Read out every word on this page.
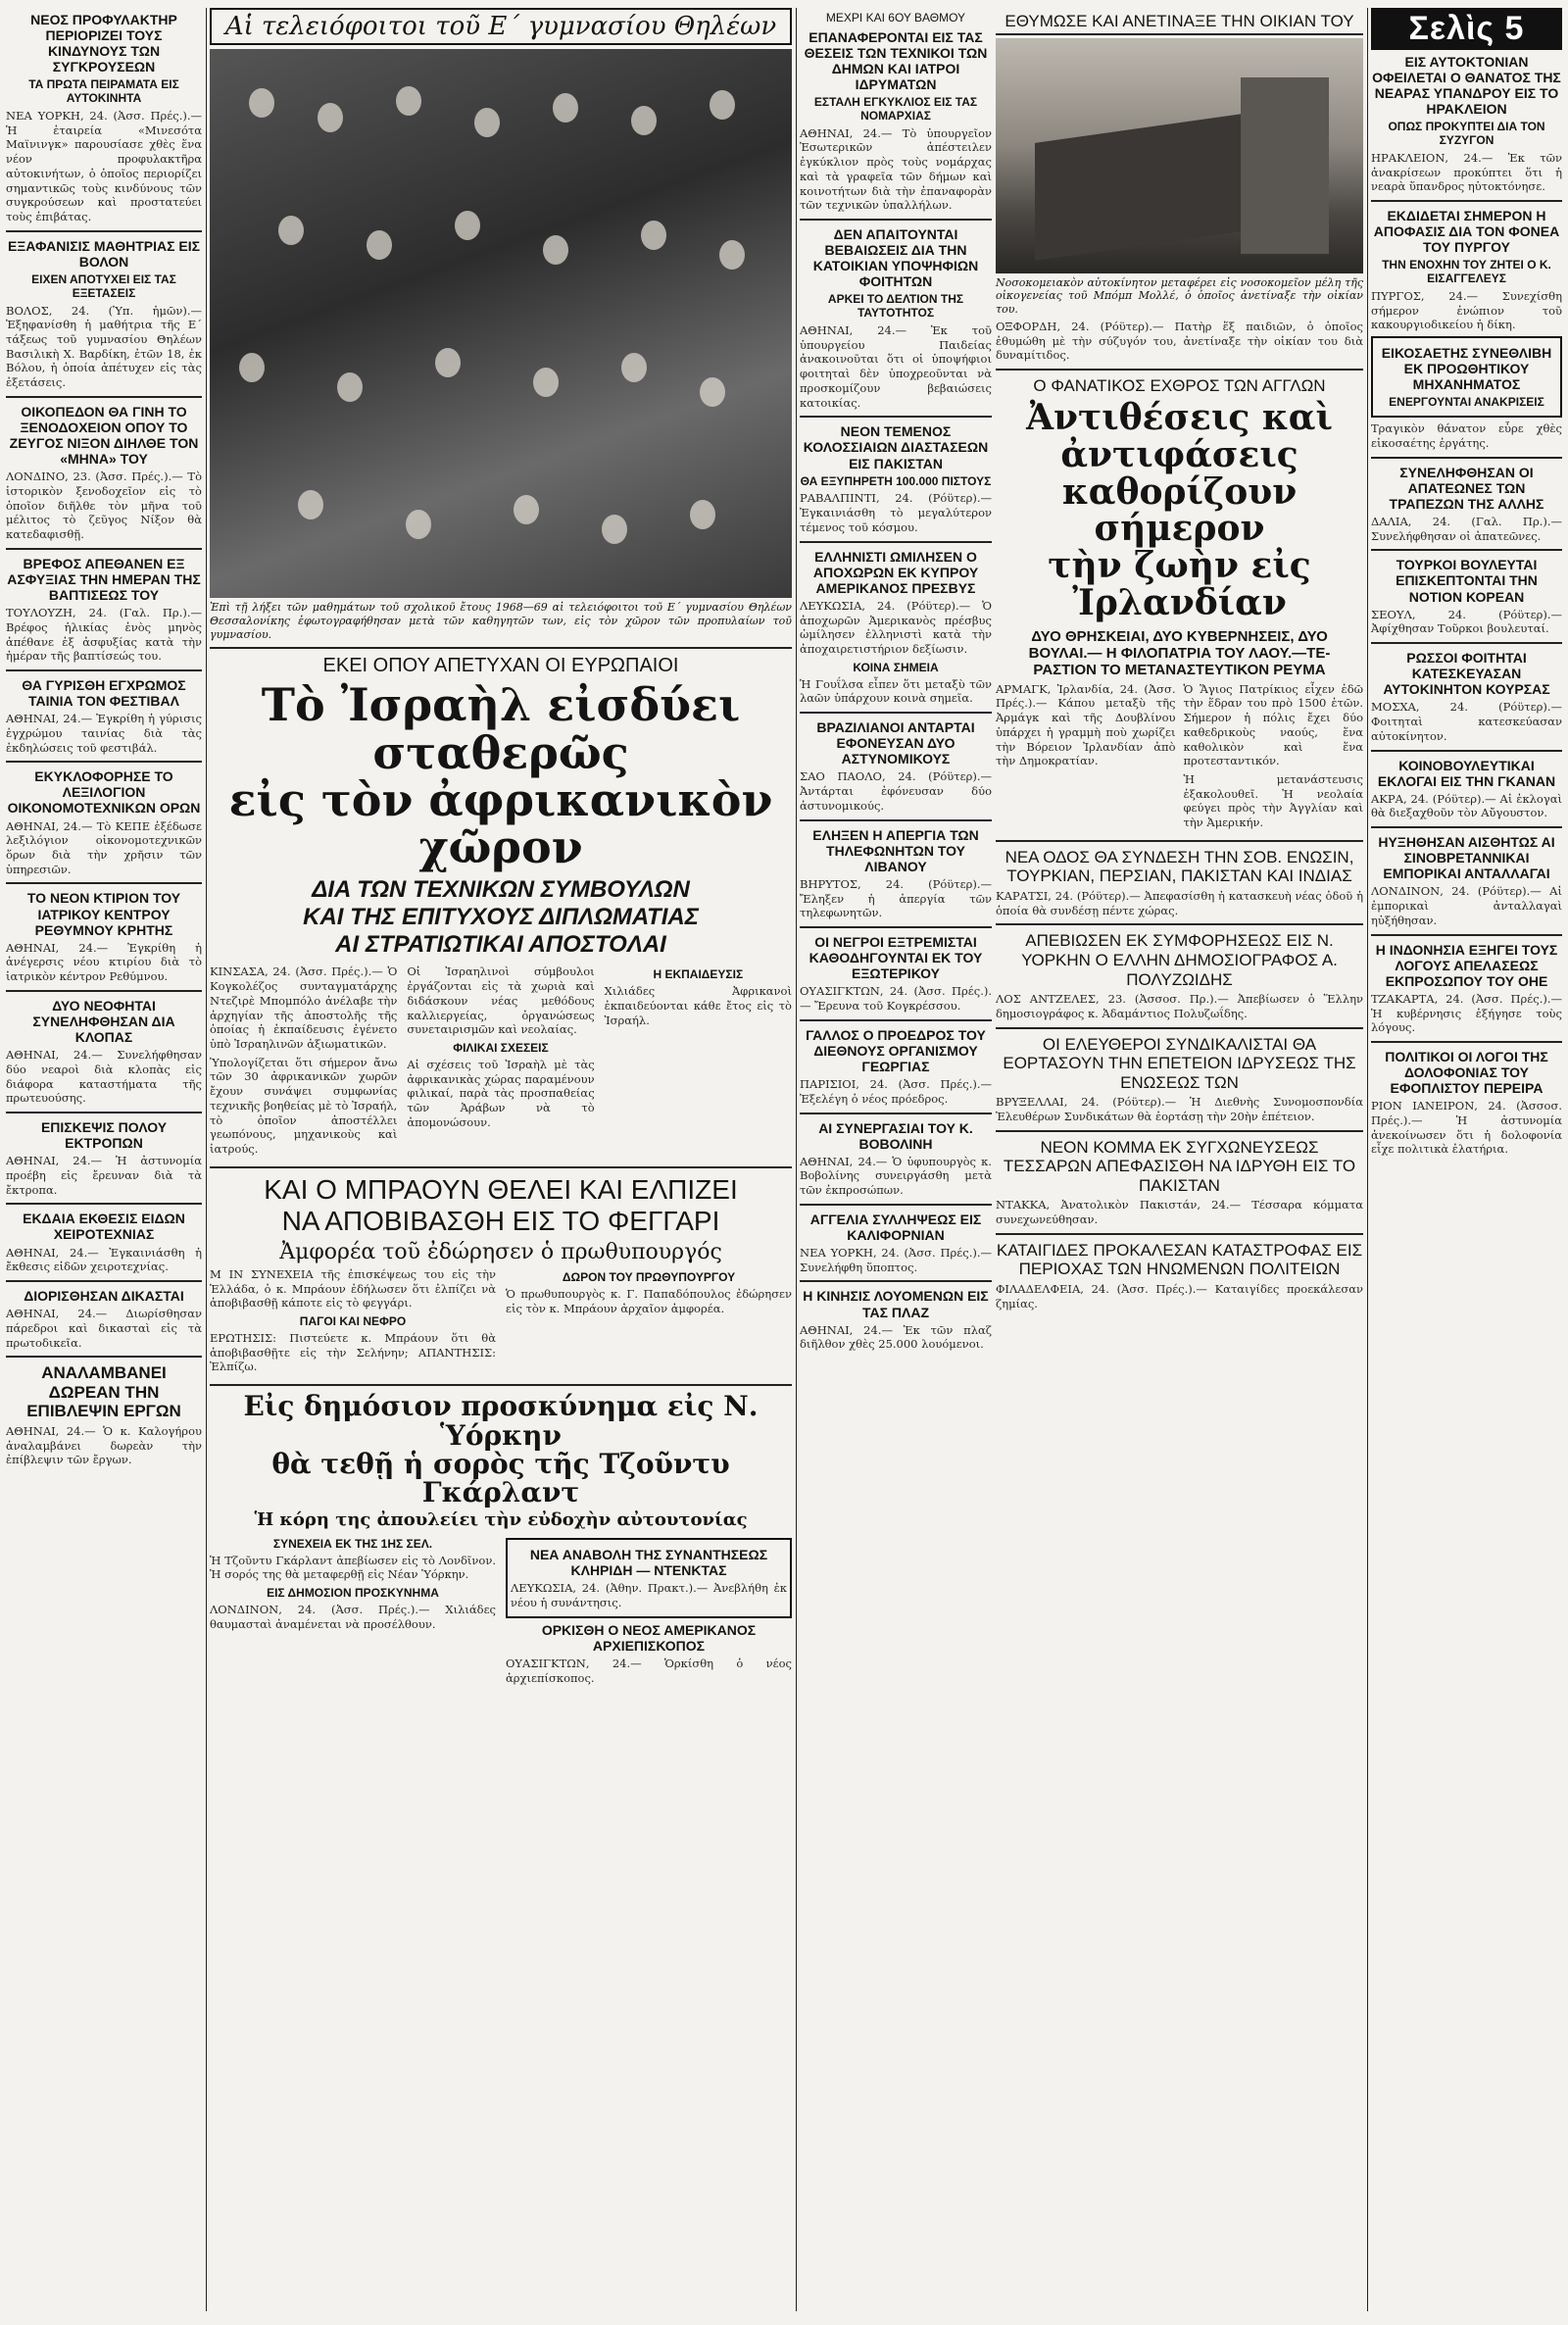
ΝΕΟΣ ΠΡΟΦΥΛΑΚΤΗΡ ΠΕΡΙΟΡΙΖΕΙ ΤΟΥΣ ΚΙΝΔΥΝΟΥΣ ΤΩΝ ΣΥΓΚΡΟΥΣΕΩΝ
ΤΑ ΠΡΩΤΑ ΠΕΙΡΑΜΑΤΑ ΕΙΣ ΑΥΤΟΚΙΝΗΤΑ

ΝΕΑ ΥΟΡΚΗ, 24. (Ἀσσ. Πρές.).— Ἡ ἑταιρεία «Μινεσότα Μαϊνινγκ» παρουσίασε χθὲς ἕνα νέον προφυλακτῆρα αὐτοκινήτων, ὁ ὁποῖος περιορίζει σημαντικῶς τοὺς κινδύνους τῶν συγκρούσεων καὶ προστατεύει τοὺς ἐπιβάτας.

ΕΞΑΦΑΝΙΣΙΣ ΜΑΘΗΤΡΙΑΣ ΕΙΣ ΒΟΛΟΝ
ΕΙΧΕΝ ΑΠΟΤΥΧΕΙ ΕΙΣ ΤΑΣ ΕΞΕΤΑΣΕΙΣ

ΒΟΛΟΣ, 24. (Ὑπ. ἡμῶν).— Ἐξηφανίσθη ἡ μαθήτρια τῆς Ε΄ τάξεως τοῦ γυμνασίου Θηλέων Βασιλικὴ Χ. Βαρδίκη, ἐτῶν 18, ἐκ Βόλου, ἡ ὁποία ἀπέτυχεν εἰς τὰς ἐξετάσεις.

ΟΙΚΟΠΕΔΟΝ ΘΑ ΓΙΝΗ ΤΟ ΞΕΝΟΔΟΧΕΙΟΝ ΟΠΟΥ ΤΟ ΖΕΥΓΟΣ ΝΙΞΟΝ ΔΙΗΛΘΕ ΤΟΝ «ΜΗΝΑ» ΤΟΥ

ΛΟΝΔΙΝΟ, 23. (Ἀσσ. Πρές.).— Τὸ ἱστορικὸν ξενοδοχεῖον εἰς τὸ ὁποῖον διῆλθε τὸν μῆνα τοῦ μέλιτος τὸ ζεῦγος Νίξον θὰ κατεδαφισθῇ.

ΒΡΕΦΟΣ ΑΠΕΘΑΝΕΝ ΕΞ ΑΣΦΥΞΙΑΣ ΤΗΝ ΗΜΕΡΑΝ ΤΗΣ ΒΑΠΤΙΣΕΩΣ ΤΟΥ

ΤΟΥΛΟΥΖΗ, 24. (Γαλ. Πρ.).— Βρέφος ἡλικίας ἑνὸς μηνὸς ἀπέθανε ἐξ ἀσφυξίας κατὰ τὴν ἡμέραν τῆς βαπτίσεώς του.

ΘΑ ΓΥΡΙΣΘΗ ΕΓΧΡΩΜΟΣ ΤΑΙΝΙΑ ΤΟΝ ΦΕΣΤΙΒΑΛ

ΑΘΗΝΑΙ, 24.— Ἐγκρίθη ἡ γύρισις ἐγχρώμου ταινίας διὰ τὰς ἐκδηλώσεις τοῦ φεστιβάλ.

ΕΚΥΚΛΟΦΟΡΗΣΕ ΤΟ ΛΕΞΙΛΟΓΙΟΝ ΟΙΚΟΝΟΜΟΤΕΧΝΙΚΩΝ ΟΡΩΝ

ΑΘΗΝΑΙ, 24.— Τὸ ΚΕΠΕ ἐξέδωσε λεξιλόγιον οἰκονομοτεχνικῶν ὅρων διὰ τὴν χρῆσιν τῶν ὑπηρεσιῶν.

ΤΟ ΝΕΟΝ ΚΤΙΡΙΟΝ ΤΟΥ ΙΑΤΡΙΚΟΥ ΚΕΝΤΡΟΥ ΡΕΘΥΜΝΟΥ ΚΡΗΤΗΣ

ΑΘΗΝΑΙ, 24.— Ἐγκρίθη ἡ ἀνέγερσις νέου κτιρίου διὰ τὸ ἰατρικὸν κέντρον Ρεθύμνου.

ΔΥΟ ΝΕΟΦΗΤΑΙ ΣΥΝΕΛΗΦΘΗΣΑΝ ΔΙΑ ΚΛΟΠΑΣ

ΑΘΗΝΑΙ, 24.— Συνελήφθησαν δύο νεαροὶ διὰ κλοπὰς εἰς διάφορα καταστήματα τῆς πρωτευούσης.

ΕΠΙΣΚΕΨΙΣ ΠΟΛΟΥ ΕΚΤΡΟΠΩΝ

ΑΘΗΝΑΙ, 24.— Ἡ ἀστυνομία προέβη εἰς ἔρευναν διὰ τὰ ἔκτροπα.

ΕΚΔΑΙΑ ΕΚΘΕΣΙΣ ΕΙΔΩΝ ΧΕΙΡΟΤΕΧΝΙΑΣ

ΑΘΗΝΑΙ, 24.— Ἐγκαινιάσθη ἡ ἔκθεσις εἰδῶν χειροτεχνίας.

ΔΙΟΡΙΣΘΗΣΑΝ ΔΙΚΑΣΤΑΙ

ΑΘΗΝΑΙ, 24.— Διωρίσθησαν πάρεδροι καὶ δικασταὶ εἰς τὰ πρωτοδικεῖα.

ΑΝΑΛΑΜΒΑΝΕΙ ΔΩΡΕΑΝ ΤΗΝ ΕΠΙΒΛΕΨΙΝ ΕΡΓΩΝ

ΑΘΗΝΑΙ, 24.— Ὁ κ. Καλογήρου ἀναλαμβάνει δωρεὰν τὴν ἐπίβλεψιν τῶν ἔργων.

Αἱ τελειόφοιτοι τοῦ Ε΄ γυμνασίου Θηλέων

Ἐπὶ τῇ λήξει τῶν μαθημάτων τοῦ σχολικοῦ ἔτους 1968—69 αἱ τελειόφοιτοι τοῦ Ε΄ γυμνασίου Θηλέων Θεσσαλονίκης ἐφωτογραφήθησαν μετὰ τῶν καθηγητῶν των, εἰς τὸν χῶρον τῶν προπυλαίων τοῦ γυμνασίου.

ΕΚΕΙ ΟΠΟΥ ΑΠΕΤΥΧΑΝ ΟΙ ΕΥΡΩΠΑΙΟΙ
Τὸ Ἰσραὴλ εἰσδύει σταθερῶς
εἰς τὸν ἀφρικανικὸν χῶρον
ΔΙΑ ΤΩΝ ΤΕΧΝΙΚΩΝ ΣΥΜΒΟΥΛΩΝ
ΚΑΙ ΤΗΣ ΕΠΙΤΥΧΟΥΣ ΔΙΠΛΩΜΑΤΙΑΣ
ΑΙ ΣΤΡΑΤΙΩΤΙΚΑΙ ΑΠΟΣΤΟΛΑΙ

ΚΙΝΣΑΣΑ, 24. (Ἀσσ. Πρές.).— Ὁ Κογκολέζος συνταγματάρχης Ντεζιρὲ Μπομπόλο ἀνέλαβε τὴν ἀρχηγίαν τῆς ἀποστολῆς τῆς ὁποίας ἡ ἐκπαίδευσις ἐγένετο ὑπὸ Ἰσραηλινῶν ἀξιωματικῶν.

Ὑπολογίζεται ὅτι σήμερον ἄνω τῶν 30 ἀφρικανικῶν χωρῶν ἔχουν συνάψει συμφωνίας τεχνικῆς βοηθείας μὲ τὸ Ἰσραήλ, τὸ ὁποῖον ἀποστέλλει γεωπόνους, μηχανικοὺς καὶ ἰατρούς.

Οἱ Ἰσραηλινοὶ σύμβουλοι ἐργάζονται εἰς τὰ χωριὰ καὶ διδάσκουν νέας μεθόδους καλλιεργείας, ὀργανώσεως συνεταιρισμῶν καὶ νεολαίας.

ΦΙΛΙΚΑΙ ΣΧΕΣΕΙΣ

Αἱ σχέσεις τοῦ Ἰσραὴλ μὲ τὰς ἀφρικανικὰς χώρας παραμένουν φιλικαί, παρὰ τὰς προσπαθείας τῶν Ἀράβων νὰ τὸ ἀπομονώσουν.

Η ΕΚΠΑΙΔΕΥΣΙΣ

Χιλιάδες Ἀφρικανοὶ ἐκπαιδεύονται κάθε ἔτος εἰς τὸ Ἰσραήλ.

ΚΑΙ Ο ΜΠΡΑΟΥΝ ΘΕΛΕΙ ΚΑΙ ΕΛΠΙΖΕΙ
ΝΑ ΑΠΟΒΙΒΑΣΘΗ ΕΙΣ ΤΟ ΦΕΓΓΑΡΙ
Ἀμφορέα τοῦ ἐδώρησεν ὁ πρωθυπουργός

Μ ΙΝ ΣΥΝΕΧΕΙΑ τῆς ἐπισκέψεως του εἰς τὴν Ἑλλάδα, ὁ κ. Μπράουν ἐδήλωσεν ὅτι ἐλπίζει νὰ ἀποβιβασθῇ κάποτε εἰς τὸ φεγγάρι.

ΠΑΓΟΙ ΚΑΙ ΝΕΦΡΟ

ΕΡΩΤΗΣΙΣ: Πιστεύετε κ. Μπράουν ὅτι θὰ ἀποβιβασθῇτε εἰς τὴν Σελήνην; ΑΠΑΝΤΗΣΙΣ: Ἐλπίζω.

ΔΩΡΟΝ ΤΟΥ ΠΡΩΘΥΠΟΥΡΓΟΥ

Ὁ πρωθυπουργὸς κ. Γ. Παπαδόπουλος ἐδώρησεν εἰς τὸν κ. Μπράουν ἀρχαῖον ἀμφορέα.

Εἰς δημόσιον προσκύνημα εἰς Ν. Ὑόρκην
θὰ τεθῇ ἡ σορὸς τῆς Τζοῦντυ Γκάρλαντ
Ἡ κόρη της ἀπουλείει τὴν εὐδοχὴν αὐτουτονίας
ΣΥΝΕΧΕΙΑ ΕΚ ΤΗΣ 1ΗΣ ΣΕΛ.

Ἡ Τζοῦντυ Γκάρλαντ ἀπεβίωσεν εἰς τὸ Λονδῖνον. Ἡ σορός της θὰ μεταφερθῇ εἰς Νέαν Ὑόρκην.

ΕΙΣ ΔΗΜΟΣΙΟΝ ΠΡΟΣΚΥΝΗΜΑ

ΛΟΝΔΙΝΟΝ, 24. (Ἀσσ. Πρές.).— Χιλιάδες θαυμασταὶ ἀναμένεται νὰ προσέλθουν.

ΝΕΑ ΑΝΑΒΟΛΗ ΤΗΣ ΣΥΝΑΝΤΗΣΕΩΣ ΚΛΗΡΙΔΗ — ΝΤΕΝΚΤΑΣ

ΛΕΥΚΩΣΙΑ, 24. (Ἀθην. Πρακτ.).— Ἀνεβλήθη ἐκ νέου ἡ συνάντησις.

ΟΡΚΙΣΘΗ Ο ΝΕΟΣ ΑΜΕΡΙΚΑΝΟΣ ΑΡΧΙΕΠΙΣΚΟΠΟΣ

ΟΥΑΣΙΓΚΤΩΝ, 24.— Ὁρκίσθη ὁ νέος ἀρχιεπίσκοπος.

ΜΕΧΡΙ ΚΑΙ 6ΟΥ ΒΑΘΜΟΥ
ΕΠΑΝΑΦΕΡΟΝΤΑΙ ΕΙΣ ΤΑΣ ΘΕΣΕΙΣ ΤΩΝ ΤΕΧΝΙΚΟΙ ΤΩΝ ΔΗΜΩΝ ΚΑΙ ΙΑΤΡΟΙ ΙΔΡΥΜΑΤΩΝ
ΕΣΤΑΛΗ ΕΓΚΥΚΛΙΟΣ ΕΙΣ ΤΑΣ ΝΟΜΑΡΧΙΑΣ

ΑΘΗΝΑΙ, 24.— Τὸ ὑπουργεῖον Ἐσωτερικῶν ἀπέστειλεν ἐγκύκλιον πρὸς τοὺς νομάρχας καὶ τὰ γραφεῖα τῶν δήμων καὶ κοινοτήτων διὰ τὴν ἐπαναφορὰν τῶν τεχνικῶν ὑπαλλήλων.

ΔΕΝ ΑΠΑΙΤΟΥΝΤΑΙ ΒΕΒΑΙΩΣΕΙΣ ΔΙΑ ΤΗΝ ΚΑΤΟΙΚΙΑΝ ΥΠΟΨΗΦΙΩΝ ΦΟΙΤΗΤΩΝ
ΑΡΚΕΙ ΤΟ ΔΕΛΤΙΟΝ ΤΗΣ ΤΑΥΤΟΤΗΤΟΣ

ΑΘΗΝΑΙ, 24.— Ἐκ τοῦ ὑπουργείου Παιδείας ἀνακοινοῦται ὅτι οἱ ὑποψήφιοι φοιτηταὶ δὲν ὑποχρεοῦνται νὰ προσκομίζουν βεβαιώσεις κατοικίας.

ΝΕΟΝ ΤΕΜΕΝΟΣ ΚΟΛΟΣΣΙΑΙΩΝ ΔΙΑΣΤΑΣΕΩΝ ΕΙΣ ΠΑΚΙΣΤΑΝ
ΘΑ ΕΞΥΠΗΡΕΤΗ 100.000 ΠΙΣΤΟΥΣ

ΡΑΒΑΛΠΙΝΤΙ, 24. (Ρόϋτερ).— Ἐγκαινιάσθη τὸ μεγαλύτερον τέμενος τοῦ κόσμου.

ΕΛΛΗΝΙΣΤΙ ΩΜΙΛΗΣΕΝ Ο ΑΠΟΧΩΡΩΝ ΕΚ ΚΥΠΡΟΥ ΑΜΕΡΙΚΑΝΟΣ ΠΡΕΣΒΥΣ

ΛΕΥΚΩΣΙΑ, 24. (Ρόϋτερ).— Ὁ ἀποχωρῶν Ἀμερικανὸς πρέσβυς ὡμίλησεν ἑλληνιστὶ κατὰ τὴν ἀποχαιρετιστήριον δεξίωσιν.

ΚΟΙΝΑ ΣΗΜΕΙΑ

Ἡ Γουΐλσα εἶπεν ὅτι μεταξὺ τῶν λαῶν ὑπάρχουν κοινὰ σημεῖα.

ΒΡΑΖΙΛΙΑΝΟΙ ΑΝΤΑΡΤΑΙ ΕΦΟΝΕΥΣΑΝ ΔΥΟ ΑΣΤΥΝΟΜΙΚΟΥΣ

ΣΑΟ ΠΑΟΛΟ, 24. (Ρόϋτερ).— Ἀντάρται ἐφόνευσαν δύο ἀστυνομικούς.

ΕΛΗΞΕΝ Η ΑΠΕΡΓΙΑ ΤΩΝ ΤΗΛΕΦΩΝΗΤΩΝ ΤΟΥ ΛΙΒΑΝΟΥ

ΒΗΡΥΤΟΣ, 24. (Ρόϋτερ).— Ἔληξεν ἡ ἀπεργία τῶν τηλεφωνητῶν.

ΟΙ ΝΕΓΡΟΙ ΕΞΤΡΕΜΙΣΤΑΙ ΚΑΘΟΔΗΓΟΥΝΤΑΙ ΕΚ ΤΟΥ ΕΞΩΤΕΡΙΚΟΥ

ΟΥΑΣΙΓΚΤΩΝ, 24. (Ἀσσ. Πρές.).— Ἔρευνα τοῦ Κογκρέσσου.

ΓΑΛΛΟΣ Ο ΠΡΟΕΔΡΟΣ ΤΟΥ ΔΙΕΘΝΟΥΣ ΟΡΓΑΝΙΣΜΟΥ ΓΕΩΡΓΙΑΣ

ΠΑΡΙΣΙΟΙ, 24. (Ἀσσ. Πρές.).— Ἐξελέγη ὁ νέος πρόεδρος.

ΑΙ ΣΥΝΕΡΓΑΣΙΑΙ ΤΟΥ Κ. ΒΟΒΟΛΙΝΗ

ΑΘΗΝΑΙ, 24.— Ὁ ὑφυπουργὸς κ. Βοβολίνης συνειργάσθη μετὰ τῶν ἐκπροσώπων.

ΑΓΓΕΛΙΑ ΣΥΛΛΗΨΕΩΣ ΕΙΣ ΚΑΛΙΦΟΡΝΙΑΝ

ΝΕΑ ΥΟΡΚΗ, 24. (Ἀσσ. Πρές.).— Συνελήφθη ὕποπτος.

Η ΚΙΝΗΣΙΣ ΛΟΥΟΜΕΝΩΝ ΕΙΣ ΤΑΣ ΠΛΑΖ

ΑΘΗΝΑΙ, 24.— Ἐκ τῶν πλαζ διῆλθον χθὲς 25.000 λουόμενοι.

ΕΘΥΜΩΣΕ ΚΑΙ ΑΝΕΤΙΝΑΞΕ ΤΗΝ ΟΙΚΙΑΝ ΤΟΥ

Νοσοκομειακὸν αὐτοκίνητον μεταφέρει εἰς νοσοκομεῖον μέλη τῆς οἰκογενείας τοῦ Μπόμπ Μολλέ, ὁ ὁποῖος ἀνετίναξε τὴν οἰκίαν του.

ΟΞΦΟΡΔΗ, 24. (Ρόϋτερ).— Πατὴρ ἕξ παιδιῶν, ὁ ὁποῖος ἐθυμώθη μὲ τὴν σύζυγόν του, ἀνετίναξε τὴν οἰκίαν του διὰ δυναμίτιδος.

Ο ΦΑΝΑΤΙΚΟΣ ΕΧΘΡΟΣ ΤΩΝ ΑΓΓΛΩΝ
Ἀντιθέσεις καὶ ἀντιφάσεις
καθορίζουν σήμερον
τὴν ζωὴν εἰς Ἰρλανδίαν
ΔΥΟ ΘΡΗΣΚΕΙΑΙ, ΔΥΟ ΚΥΒΕΡΝΗΣΕΙΣ, ΔΥΟ
ΒΟΥΛΑΙ.— Η ΦΙΛΟΠΑΤΡΙΑ ΤΟΥ ΛΑΟΥ.—ΤΕ-
ΡΑΣΤΙΟΝ ΤΟ ΜΕΤΑΝΑΣΤΕΥΤΙΚΟΝ ΡΕΥΜΑ

ΑΡΜΑΓΚ, Ἰρλανδία, 24. (Ἀσσ. Πρές.).— Κάπου μεταξὺ τῆς Ἀρμάγκ καὶ τῆς Δουβλίνου ὑπάρχει ἡ γραμμὴ ποὺ χωρίζει τὴν Βόρειον Ἰρλανδίαν ἀπὸ τὴν Δημοκρατίαν.

Ὁ Ἅγιος Πατρίκιος εἶχεν ἐδῶ τὴν ἕδραν του πρὸ 1500 ἐτῶν. Σήμερον ἡ πόλις ἔχει δύο καθεδρικοὺς ναούς, ἕνα καθολικὸν καὶ ἕνα προτεσταντικόν.

Ἡ μετανάστευσις ἐξακολουθεῖ. Ἡ νεολαία φεύγει πρὸς τὴν Ἀγγλίαν καὶ τὴν Ἀμερικήν.

ΝΕΑ ΟΔΟΣ ΘΑ ΣΥΝΔΕΣΗ ΤΗΝ ΣΟΒ. ΕΝΩΣΙΝ, ΤΟΥΡΚΙΑΝ, ΠΕΡΣΙΑΝ, ΠΑΚΙΣΤΑΝ ΚΑΙ ΙΝΔΙΑΣ

ΚΑΡΑΤΣΙ, 24. (Ρόϋτερ).— Ἀπεφασίσθη ἡ κατασκευὴ νέας ὁδοῦ ἡ ὁποία θὰ συνδέσῃ πέντε χώρας.

ΑΠΕΒΙΩΣΕΝ ΕΚ ΣΥΜΦΟΡΗΣΕΩΣ ΕΙΣ Ν. ΥΟΡΚΗΝ Ο ΕΛΛΗΝ ΔΗΜΟΣΙΟΓΡΑΦΟΣ Α. ΠΟΛΥΖΩΙΔΗΣ

ΛΟΣ ΑΝΤΖΕΛΕΣ, 23. (Ἀσσοσ. Πρ.).— Ἀπεβίωσεν ὁ Ἕλλην δημοσιογράφος κ. Ἀδαμάντιος Πολυζωΐδης.

ΟΙ ΕΛΕΥΘΕΡΟΙ ΣΥΝΔΙΚΑΛΙΣΤΑΙ ΘΑ ΕΟΡΤΑΣΟΥΝ ΤΗΝ ΕΠΕΤΕΙΟΝ ΙΔΡΥΣΕΩΣ ΤΗΣ ΕΝΩΣΕΩΣ ΤΩΝ

ΒΡΥΞΕΛΛΑΙ, 24. (Ρόϋτερ).— Ἡ Διεθνὴς Συνομοσπονδία Ἐλευθέρων Συνδικάτων θὰ ἑορτάσῃ τὴν 20ὴν ἐπέτειον.

ΝΕΟΝ ΚΟΜΜΑ ΕΚ ΣΥΓΧΩΝΕΥΣΕΩΣ ΤΕΣΣΑΡΩΝ ΑΠΕΦΑΣΙΣΘΗ ΝΑ ΙΔΡΥΘΗ ΕΙΣ ΤΟ ΠΑΚΙΣΤΑΝ

ΝΤΑΚΚΑ, Ἀνατολικὸν Πακιστάν, 24.— Τέσσαρα κόμματα συνεχωνεύθησαν.

ΚΑΤΑΙΓΙΔΕΣ ΠΡΟΚΑΛΕΣΑΝ ΚΑΤΑΣΤΡΟΦΑΣ ΕΙΣ ΠΕΡΙΟΧΑΣ ΤΩΝ ΗΝΩΜΕΝΩΝ ΠΟΛΙΤΕΙΩΝ

ΦΙΛΑΔΕΛΦΕΙΑ, 24. (Ἀσσ. Πρές.).— Καταιγίδες προεκάλεσαν ζημίας.

Σελὶς 5
ΕΙΣ ΑΥΤΟΚΤΟΝΙΑΝ ΟΦΕΙΛΕΤΑΙ Ο ΘΑΝΑΤΟΣ ΤΗΣ ΝΕΑΡΑΣ ΥΠΑΝΔΡΟΥ ΕΙΣ ΤΟ ΗΡΑΚΛΕΙΟΝ
ΟΠΩΣ ΠΡΟΚΥΠΤΕΙ ΔΙΑ ΤΟΝ ΣΥΖΥΓΟΝ

ΗΡΑΚΛΕΙΟΝ, 24.— Ἐκ τῶν ἀνακρίσεων προκύπτει ὅτι ἡ νεαρὰ ὕπανδρος ηὐτοκτόνησε.

ΕΚΔΙΔΕΤΑΙ ΣΗΜΕΡΟΝ Η ΑΠΟΦΑΣΙΣ ΔΙΑ ΤΟΝ ΦΟΝΕΑ ΤΟΥ ΠΥΡΓΟΥ
ΤΗΝ ΕΝΟΧΗΝ ΤΟΥ ΖΗΤΕΙ Ο Κ. ΕΙΣΑΓΓΕΛΕΥΣ

ΠΥΡΓΟΣ, 24.— Συνεχίσθη σήμερον ἐνώπιον τοῦ κακουργιοδικείου ἡ δίκη.

ΕΙΚΟΣΑΕΤΗΣ ΣΥΝΕΘΛΙΒΗ ΕΚ ΠΡΟΩΘΗΤΙΚΟΥ ΜΗΧΑΝΗΜΑΤΟΣ
ΕΝΕΡΓΟΥΝΤΑΙ ΑΝΑΚΡΙΣΕΙΣ

Τραγικὸν θάνατον εὗρε χθὲς εἰκοσαέτης ἐργάτης.

ΣΥΝΕΛΗΦΘΗΣΑΝ ΟΙ ΑΠΑΤΕΩΝΕΣ ΤΩΝ ΤΡΑΠΕΖΩΝ ΤΗΣ ΑΛΛΗΣ

ΔΑΛΙΑ, 24. (Γαλ. Πρ.).— Συνελήφθησαν οἱ ἀπατεῶνες.

ΤΟΥΡΚΟΙ ΒΟΥΛΕΥΤΑΙ ΕΠΙΣΚΕΠΤΟΝΤΑΙ ΤΗΝ ΝΟΤΙΟΝ ΚΟΡΕΑΝ

ΣΕΟΥΛ, 24. (Ρόϋτερ).— Ἀφίχθησαν Τοῦρκοι βουλευταί.

ΡΩΣΣΟΙ ΦΟΙΤΗΤΑΙ ΚΑΤΕΣΚΕΥΑΣΑΝ ΑΥΤΟΚΙΝΗΤΟΝ ΚΟΥΡΣΑΣ

ΜΟΣΧΑ, 24. (Ρόϋτερ).— Φοιτηταὶ κατεσκεύασαν αὐτοκίνητον.

ΚΟΙΝΟΒΟΥΛΕΥΤΙΚΑΙ ΕΚΛΟΓΑΙ ΕΙΣ ΤΗΝ ΓΚΑΝΑΝ

ΑΚΡΑ, 24. (Ρόϋτερ).— Αἱ ἐκλογαὶ θὰ διεξαχθοῦν τὸν Αὔγουστον.

ΗΥΞΗΘΗΣΑΝ ΑΙΣΘΗΤΩΣ ΑΙ ΣΙΝΟΒΡΕΤΑΝΝΙΚΑΙ ΕΜΠΟΡΙΚΑΙ ΑΝΤΑΛΛΑΓΑΙ

ΛΟΝΔΙΝΟΝ, 24. (Ρόϋτερ).— Αἱ ἐμπορικαὶ ἀνταλλαγαὶ ηὐξήθησαν.

Η ΙΝΔΟΝΗΣΙΑ ΕΞΗΓΕΙ ΤΟΥΣ ΛΟΓΟΥΣ ΑΠΕΛΑΣΕΩΣ ΕΚΠΡΟΣΩΠΟΥ ΤΟΥ ΟΗΕ

ΤΖΑΚΑΡΤΑ, 24. (Ἀσσ. Πρές.).— Ἡ κυβέρνησις ἐξήγησε τοὺς λόγους.

ΠΟΛΙΤΙΚΟΙ ΟΙ ΛΟΓΟΙ ΤΗΣ ΔΟΛΟΦΟΝΙΑΣ ΤΟΥ ΕΦΟΠΛΙΣΤΟΥ ΠΕΡΕΙΡΑ

ΡΙΟΝ ΙΑΝΕΙΡΟΝ, 24. (Ἀσσοσ. Πρές.).— Ἡ ἀστυνομία ἀνεκοίνωσεν ὅτι ἡ δολοφονία εἶχε πολιτικὰ ἐλατήρια.
